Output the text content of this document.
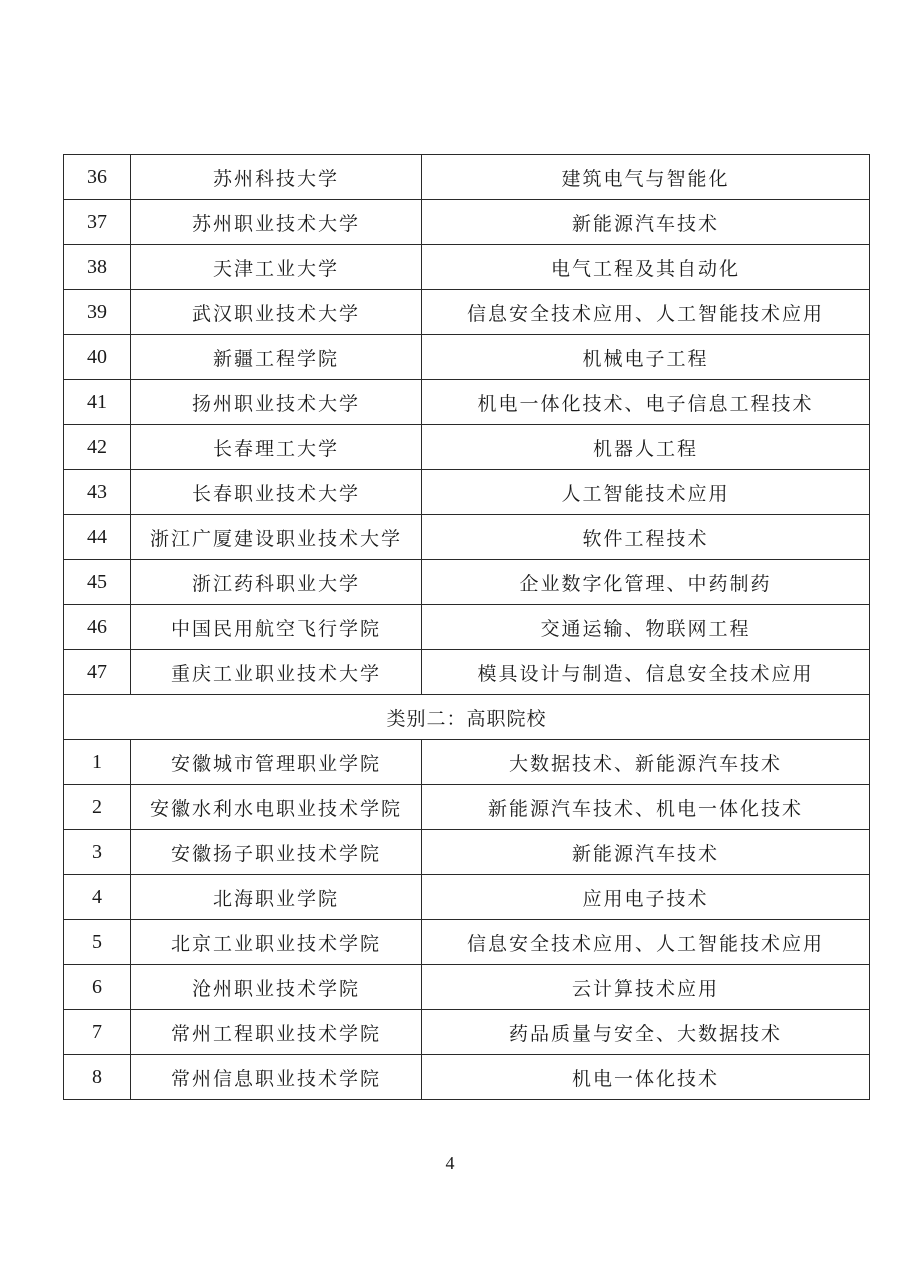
36	苏州科技大学	建筑电气与智能化
37	苏州职业技术大学	新能源汽车技术
38	天津工业大学	电气工程及其自动化
39	武汉职业技术大学	信息安全技术应用、人工智能技术应用
40	新疆工程学院	机械电子工程
41	扬州职业技术大学	机电一体化技术、电子信息工程技术
42	长春理工大学	机器人工程
43	长春职业技术大学	人工智能技术应用
44	浙江广厦建设职业技术大学	软件工程技术
45	浙江药科职业大学	企业数字化管理、中药制药
46	中国民用航空飞行学院	交通运输、物联网工程
47	重庆工业职业技术大学	模具设计与制造、信息安全技术应用
类别二：高职院校		
1	安徽城市管理职业学院	大数据技术、新能源汽车技术
2	安徽水利水电职业技术学院	新能源汽车技术、机电一体化技术
3	安徽扬子职业技术学院	新能源汽车技术
4	北海职业学院	应用电子技术
5	北京工业职业技术学院	信息安全技术应用、人工智能技术应用
6	沧州职业技术学院	云计算技术应用
7	常州工程职业技术学院	药品质量与安全、大数据技术
8	常州信息职业技术学院	机电一体化技术
4
